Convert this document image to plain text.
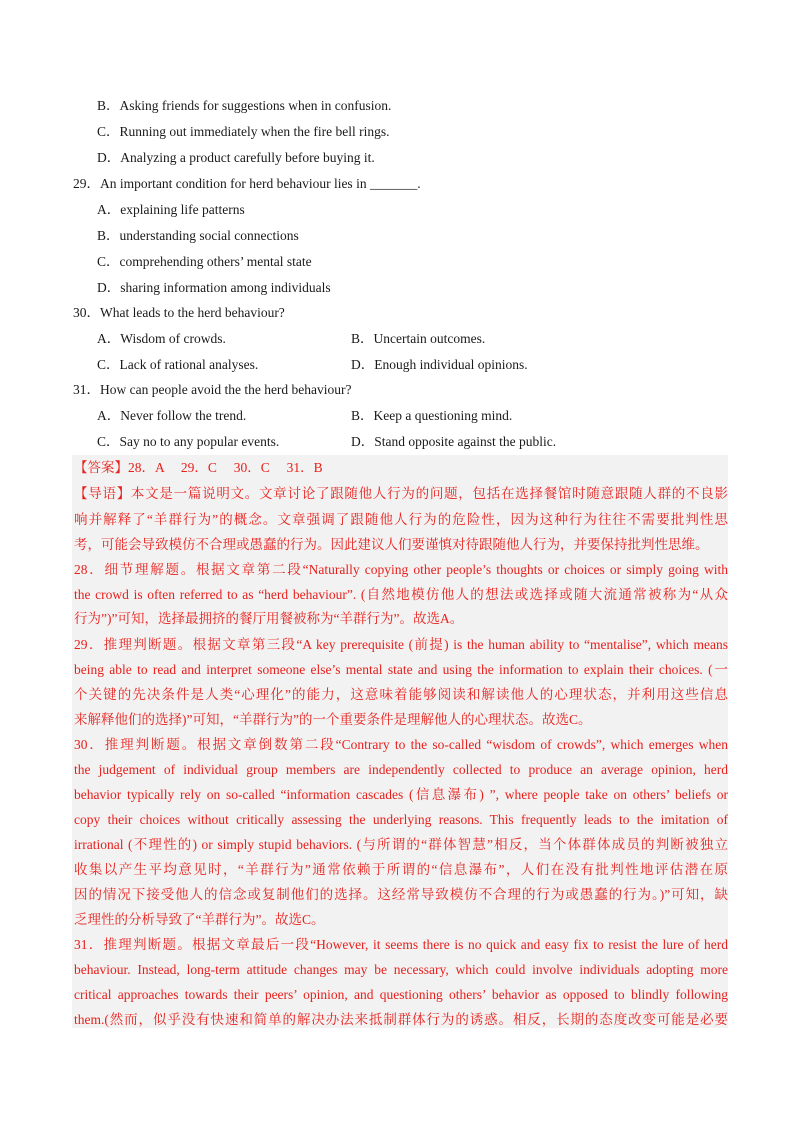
B．Asking friends for suggestions when in confusion.
C．Running out immediately when the fire bell rings.
D．Analyzing a product carefully before buying it.
29．An important condition for herd behaviour lies in _______.
A．explaining life patterns
B．understanding social connections
C．comprehending others’ mental state
D．sharing information among individuals
30．What leads to the herd behaviour?
A．Wisdom of crowds.	B．Uncertain outcomes.
C．Lack of rational analyses.	D．Enough individual opinions.
31．How can people avoid the the herd behaviour?
A．Never follow the trend.	B．Keep a questioning mind.
C．Say no to any popular events.	D．Stand opposite against the public.
【答案】28．A　 29．C　 30．C　 31．B
【导语】本文是一篇说明文。文章讨论了跟随他人行为的问题，包括在选择餐馆时随意跟随人群的不良影
响并解释了“羊群行为”的概念。文章强调了跟随他人行为的危险性，因为这种行为往往不需要批判性思
考，可能会导致模仿不合理或愚蠢的行为。因此建议人们要谨慎对待跟随他人行为，并要保持批判性思维。
28．细节理解题。根据文章第二段“Naturally copying other people’s thoughts or choices or simply going with
the crowd is often referred to as “herd behaviour”. (自然地模仿他人的想法或选择或随大流通常被称为“从众
行为”)”可知，选择最拥挤的餐厅用餐被称为“羊群行为”。故选A。
29．推理判断题。根据文章第三段“A key prerequisite (前提) is the human ability to “mentalise”, which means
being able to read and interpret someone else’s mental state and using the information to explain their choices. (一
个关键的先决条件是人类“心理化”的能力，这意味着能够阅读和解读他人的心理状态，并利用这些信息
来解释他们的选择)”可知，“羊群行为”的一个重要条件是理解他人的心理状态。故选C。
30．推理判断题。根据文章倒数第二段“Contrary to the so-called “wisdom of crowds”, which emerges when
the judgement of individual group members are independently collected to produce an average opinion, herd
behavior typically rely on so-called “information cascades (信息瀑布) ”, where people take on others’ beliefs or
copy their choices without critically assessing the underlying reasons. This frequently leads to the imitation of
irrational (不理性的) or simply stupid behaviors. (与所谓的“群体智慧”相反，当个体群体成员的判断被独立
收集以产生平均意见时，“羊群行为”通常依赖于所谓的“信息瀑布”，人们在没有批判性地评估潜在原
因的情况下接受他人的信念或复制他们的选择。这经常导致模仿不合理的行为或愚蠢的行为。)”可知，缺
乏理性的分析导致了“羊群行为”。故选C。
31．推理判断题。根据文章最后一段“However, it seems there is no quick and easy fix to resist the lure of herd
behaviour. Instead, long-term attitude changes may be necessary, which could involve individuals adopting more
critical approaches towards their peers’ opinion, and questioning others’ behavior as opposed to blindly following
them.(然而，似乎没有快速和简单的解决办法来抵制群体行为的诱惑。相反，长期的态度改变可能是必要
